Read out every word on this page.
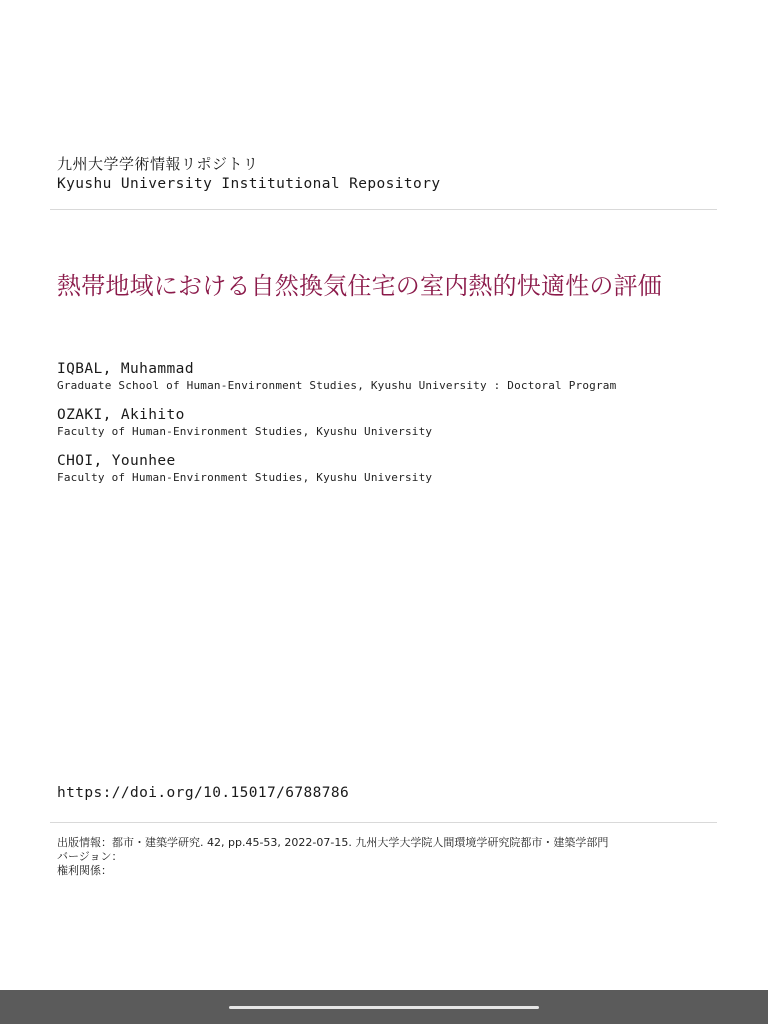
九州大学学術情報リポジトリ
Kyushu University Institutional Repository
熱帯地域における自然換気住宅の室内熱的快適性の評価
IQBAL, Muhammad
Graduate School of Human-Environment Studies, Kyushu University : Doctoral Program
OZAKI, Akihito
Faculty of Human-Environment Studies, Kyushu University
CHOI, Younhee
Faculty of Human-Environment Studies, Kyushu University
https://doi.org/10.15017/6788786
出版情報：都市・建築学研究. 42, pp.45-53, 2022-07-15. 九州大学大学院人間環境学研究院都市・建築学部門
バージョン：
権利関係：
